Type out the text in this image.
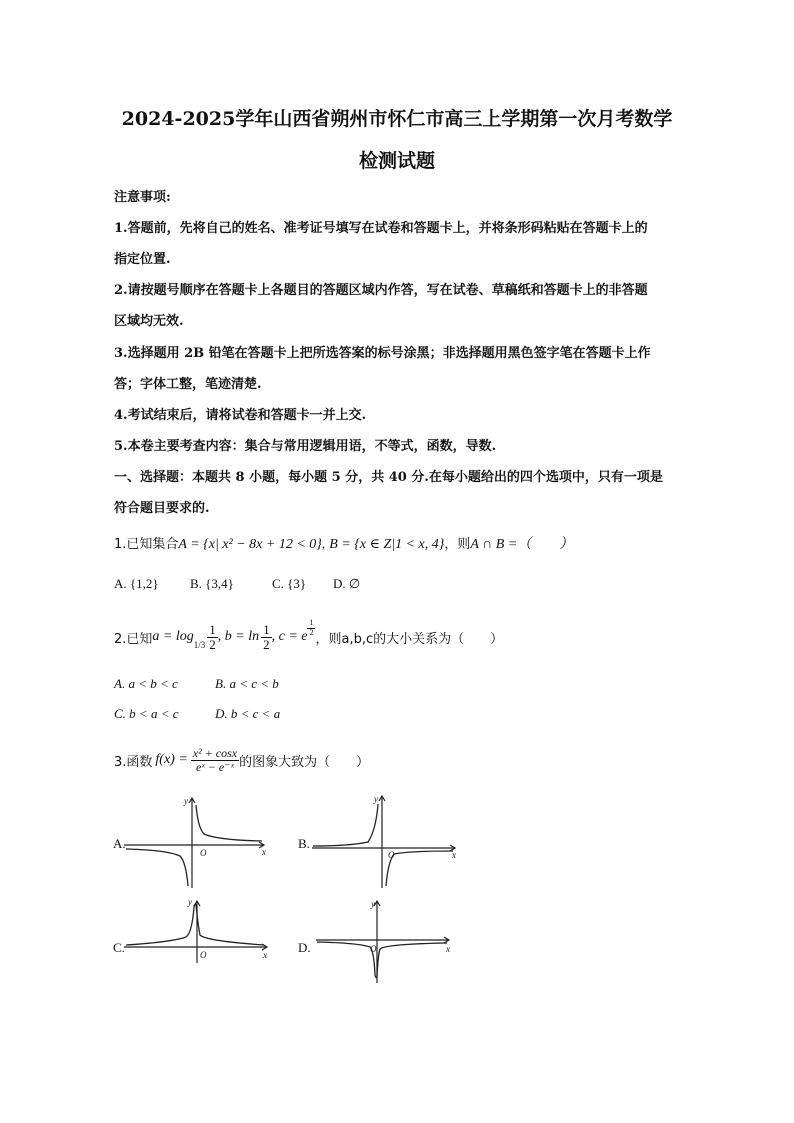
2024-2025学年山西省朔州市怀仁市高三上学期第一次月考数学
检测试题
注意事项:
1.答题前，先将自己的姓名、准考证号填写在试卷和答题卡上，并将条形码粘贴在答题卡上的
指定位置.
2.请按题号顺序在答题卡上各题目的答题区域内作答，写在试卷、草稿纸和答题卡上的非答题
区域均无效.
3.选择题用 2B 铅笔在答题卡上把所选答案的标号涂黑；非选择题用黑色签字笔在答题卡上作
答；字体工整，笔迹清楚.
4.考试结束后，请将试卷和答题卡一并上交.
5.本卷主要考查内容：集合与常用逻辑用语，不等式，函数，导数.
一、选择题：本题共 8 小题，每小题 5 分，共 40 分.在每小题给出的四个选项中，只有一项是
符合题目要求的.
1.已知集合A = {x| x² − 8x + 12 < 0}, B = {x ∈ Z|1 < x, 4}，则A ∩ B =（　　）
A. {1,2} B. {3,4}	C. {3} D. ∅
2.已知 a = log
$1/3 \frac{1}{2}$ , $b = \ln \frac{1}{2}$ , c = e $\frac{1}{2}$
，则a,b,c的大小关系为（　　）
A. a < b < c	B. a < c < b
C. b < a < c	D. b < c < a
3.函数 $f(x) = \frac{\text{x² + cosx}}{\text{eˣ − e⁻ˣ}}$ 的图象大致为（　　）
A.	B.
C.	D.
y
x
O
y
x
O
y
x
O
y
x
O
